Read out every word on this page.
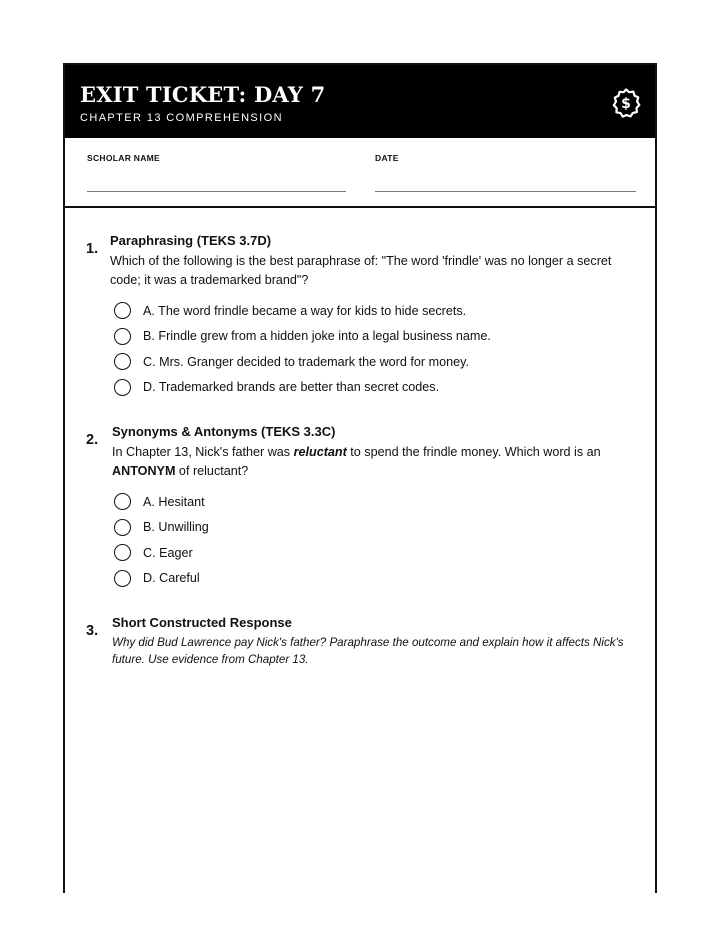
EXIT TICKET: DAY 7
CHAPTER 13 COMPREHENSION
$
SCHOLAR NAME	DATE
1.
Paraphrasing (TEKS 3.7D)
Which of the following is the best paraphrase of: "The word 'frindle' was no longer a secret code; it was a trademarked brand"?
A. The word frindle became a way for kids to hide secrets.
B. Frindle grew from a hidden joke into a legal business name.
C. Mrs. Granger decided to trademark the word for money.
D. Trademarked brands are better than secret codes.
2.
Synonyms & Antonyms (TEKS 3.3C)
In Chapter 13, Nick's father was reluctant to spend the frindle money. Which word is an ANTONYM of reluctant?
A. Hesitant
B. Unwilling
C. Eager
D. Careful
3.
Short Constructed Response
Why did Bud Lawrence pay Nick's father? Paraphrase the outcome and explain how it affects Nick's future. Use evidence from Chapter 13.
